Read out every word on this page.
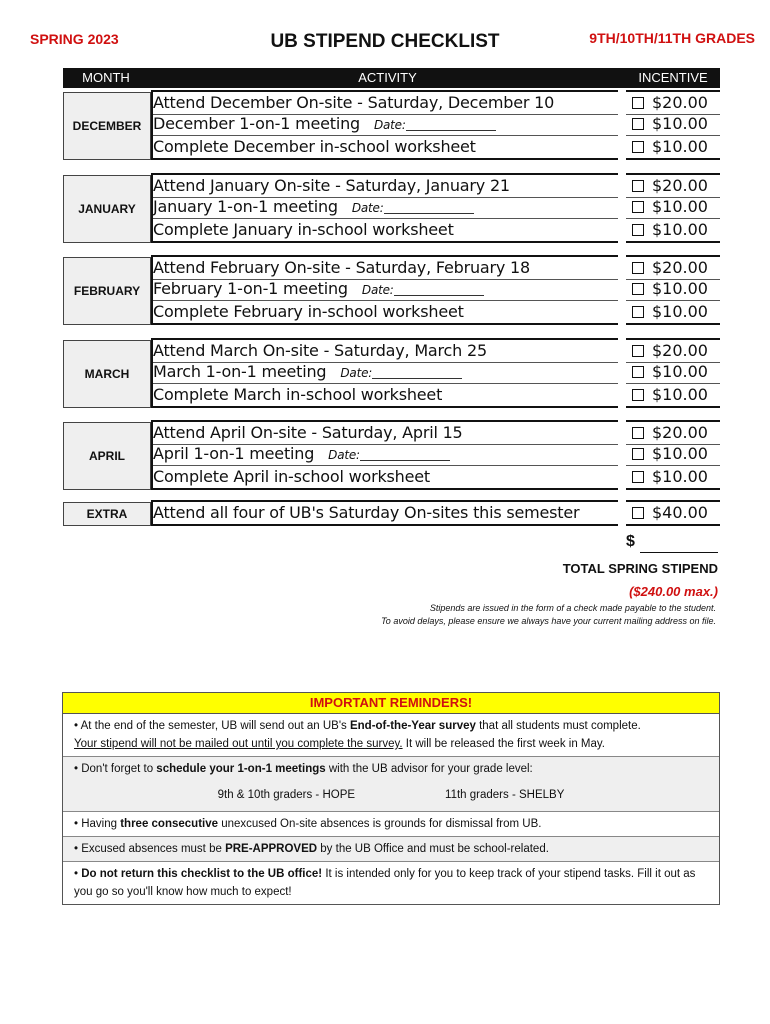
SPRING 2023	UB STIPEND CHECKLIST	9TH/10TH/11TH GRADES
MONTH	ACTIVITY	INCENTIVE
DECEMBER
Attend December On-site - Saturday, December 10	$20.00
December 1-on-1 meeting Date:	$10.00
Complete December in-school worksheet	$10.00
JANUARY
Attend January On-site - Saturday, January 21	$20.00
January 1-on-1 meeting Date:	$10.00
Complete January in-school worksheet	$10.00
FEBRUARY
Attend February On-site - Saturday, February 18	$20.00
February 1-on-1 meeting Date:	$10.00
Complete February in-school worksheet	$10.00
MARCH
Attend March On-site - Saturday, March 25	$20.00
March 1-on-1 meeting Date:	$10.00
Complete March in-school worksheet	$10.00
APRIL
Attend April On-site - Saturday, April 15	$20.00
April 1-on-1 meeting Date:	$10.00
Complete April in-school worksheet	$10.00
EXTRA	Attend all four of UB's Saturday On-sites this semester	$40.00
$
TOTAL SPRING STIPEND
($240.00 max.)
Stipends are issued in the form of a check made payable to the student.
To avoid delays, please ensure we always have your current mailing address on file.
IMPORTANT REMINDERS!
• At the end of the semester, UB will send out an UB's End-of-the-Year survey that all students must complete.
Your stipend will not be mailed out until you complete the survey. It will be released the first week in May.
• Don't forget to schedule your 1-on-1 meetings with the UB advisor for your grade level:
9th & 10th graders - HOPE	11th graders - SHELBY
• Having three consecutive unexcused On-site absences is grounds for dismissal from UB.
• Excused absences must be PRE-APPROVED by the UB Office and must be school-related.
• Do not return this checklist to the UB office! It is intended only for you to keep track of your stipend tasks. Fill it out as you go so you'll know how much to expect!
